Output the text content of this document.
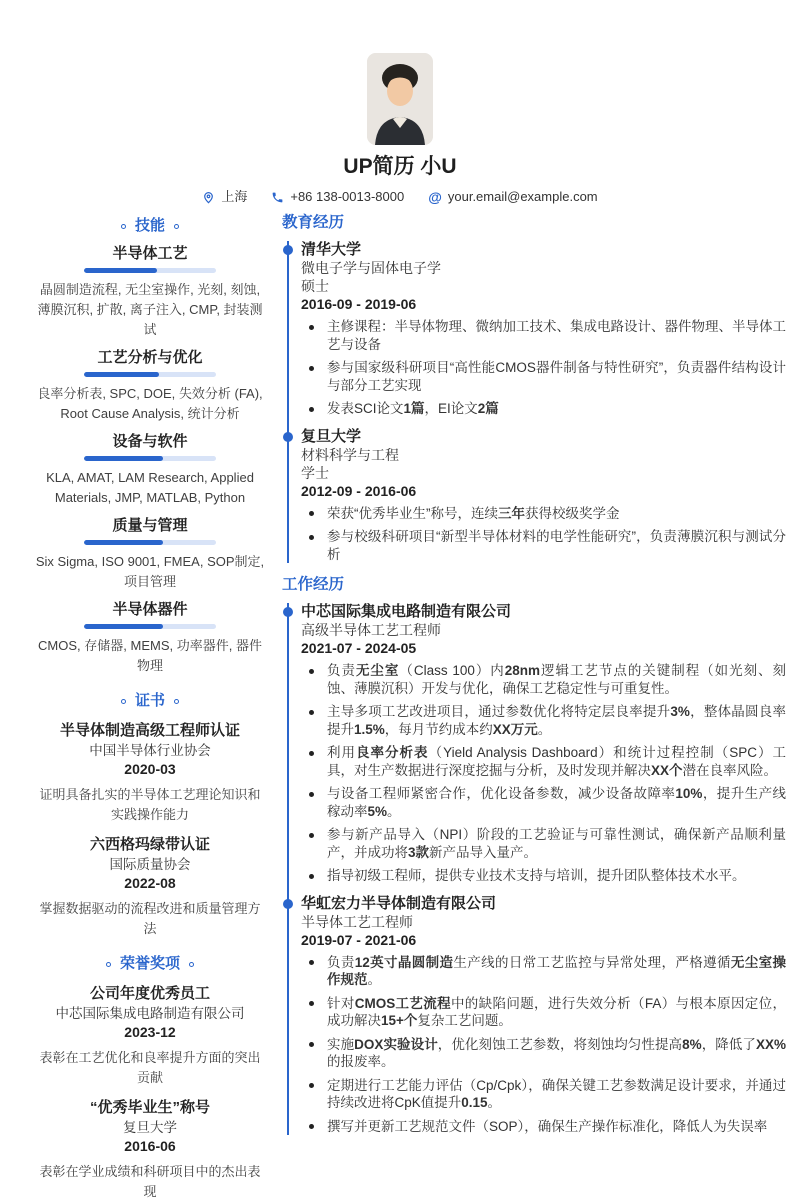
UP简历 小U
上海	+86 138-0013-8000 @ your.email@example.com
技能
半导体工艺
晶圆制造流程, 无尘室操作, 光刻, 刻蚀, 薄膜沉积, 扩散, 离子注入, CMP, 封装测试
工艺分析与优化
良率分析表, SPC, DOE, 失效分析 (FA), Root Cause Analysis, 统计分析
设备与软件
KLA, AMAT, LAM Research, Applied Materials, JMP, MATLAB, Python
质量与管理
Six Sigma, ISO 9001, FMEA, SOP制定, 项目管理
半导体器件
CMOS, 存储器, MEMS, 功率器件, 器件物理
证书
半导体制造高级工程师认证
中国半导体行业协会
2020-03
证明具备扎实的半导体工艺理论知识和实践操作能力
六西格玛绿带认证
国际质量协会
2022-08
掌握数据驱动的流程改进和质量管理方法
荣誉奖项
公司年度优秀员工
中芯国际集成电路制造有限公司
2023-12
表彰在工艺优化和良率提升方面的突出贡献
“优秀毕业生”称号
复旦大学
2016-06
表彰在学业成绩和科研项目中的杰出表现
教育经历
清华大学
微电子学与固体电子学
硕士
2016-09 - 2019-06
主修课程：半导体物理、微纳加工技术、集成电路设计、器件物理、半导体工艺与设备
参与国家级科研项目“高性能CMOS器件制备与特性研究”，负责器件结构设计与部分工艺实现
发表SCI论文1篇，EI论文2篇
复旦大学
材料科学与工程
学士
2012-09 - 2016-06
荣获“优秀毕业生”称号，连续三年获得校级奖学金
参与校级科研项目“新型半导体材料的电学性能研究”，负责薄膜沉积与测试分析
工作经历
中芯国际集成电路制造有限公司
高级半导体工艺工程师
2021-07 - 2024-05
负责无尘室（Class 100）内28nm逻辑工艺节点的关键制程（如光刻、刻蚀、薄膜沉积）开发与优化，确保工艺稳定性与可重复性。
主导多项工艺改进项目，通过参数优化将特定层良率提升3%，整体晶圆良率提升1.5%，每月节约成本约XX万元。
利用良率分析表（Yield Analysis Dashboard）和统计过程控制（SPC）工具，对生产数据进行深度挖掘与分析，及时发现并解决XX个潜在良率风险。
与设备工程师紧密合作，优化设备参数，减少设备故障率10%，提升生产线稼动率5%。
参与新产品导入（NPI）阶段的工艺验证与可靠性测试，确保新产品顺利量产，并成功将3款新产品导入量产。
指导初级工程师，提供专业技术支持与培训，提升团队整体技术水平。
华虹宏力半导体制造有限公司
半导体工艺工程师
2019-07 - 2021-06
负责12英寸晶圆制造生产线的日常工艺监控与异常处理，严格遵循无尘室操作规范。
针对CMOS工艺流程中的缺陷问题，进行失效分析（FA）与根本原因定位，成功解决15+个复杂工艺问题。
实施DOX实验设计，优化刻蚀工艺参数，将刻蚀均匀性提高8%，降低了XX%的报废率。
定期进行工艺能力评估（Cp/Cpk），确保关键工艺参数满足设计要求，并通过持续改进将CpK值提升0.15。
撰写并更新工艺规范文件（SOP），确保生产操作标准化，降低人为失误率
